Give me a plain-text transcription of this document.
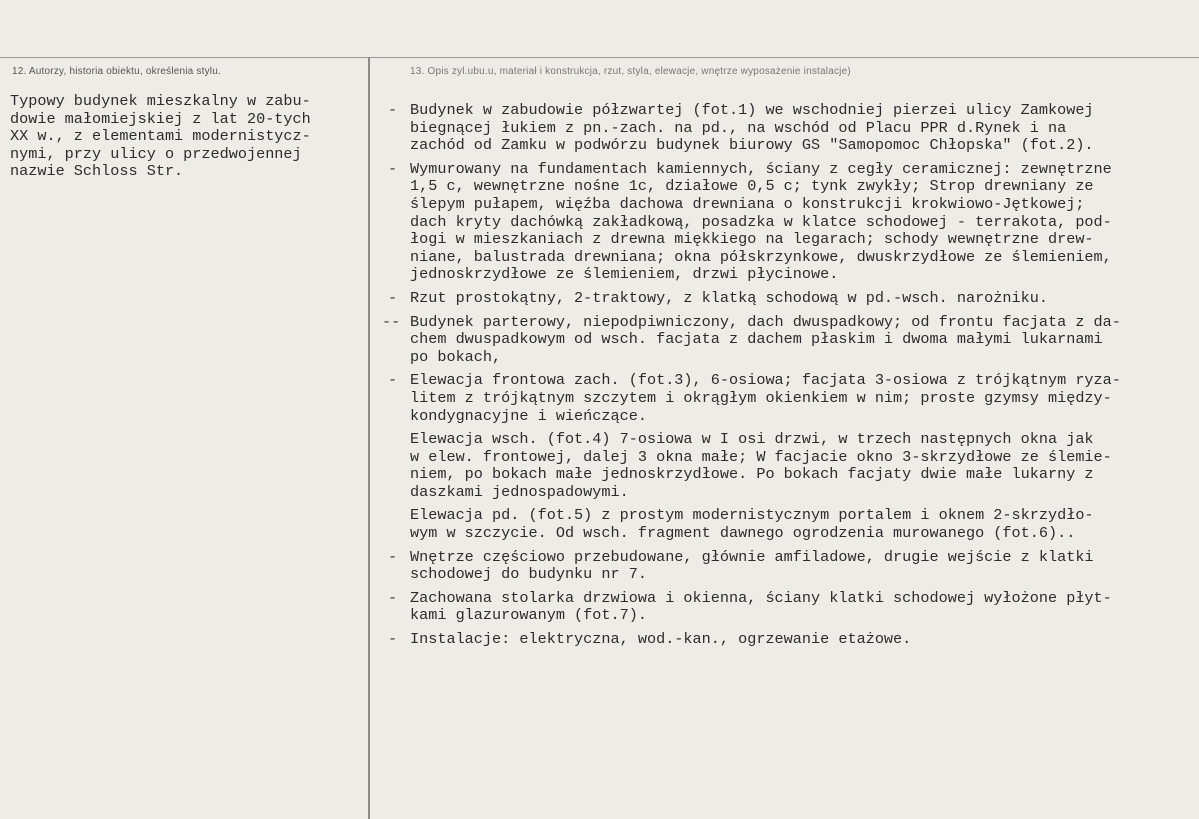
12. Autorzy, historia obiektu, określenia stylu.	13. Opis zyl.ubu.u, materiał i konstrukcja, rzut, styla, elewacje, wnętrze wyposażenie instalacje)
Typowy budynek mieszkalny w zabu-
dowie małomiejskiej z lat 20-tych
XX w., z elementami modernistycz-
nymi, przy ulicy o przedwojennej
nazwie Schloss Str.
- Budynek w zabudowie półzwartej (fot.1) we wschodniej pierzei ulicy Zamkowej
biegnącej łukiem z pn.-zach. na pd., na wschód od Placu PPR d.Rynek i na
zachód od Zamku w podwórzu budynek biurowy GS "Samopomoc Chłopska" (fot.2).
- Wymurowany na fundamentach kamiennych, ściany z cegły ceramicznej: zewnętrzne
1,5 c, wewnętrzne nośne 1c, działowe 0,5 c; tynk zwykły; Strop drewniany ze
ślepym pułapem, więźba dachowa drewniana o konstrukcji krokwiowo-Jętkowej;
dach kryty dachówką zakładkową, posadzka w klatce schodowej - terrakota, pod-
łogi w mieszkaniach z drewna miękkiego na legarach; schody wewnętrzne drew-
niane, balustrada drewniana; okna półskrzynkowe, dwuskrzydłowe ze ślemieniem,
jednoskrzydłowe ze ślemieniem, drzwi płycinowe.
- Rzut prostokątny, 2-traktowy, z klatką schodową w pd.-wsch. narożniku.
-- Budynek parterowy, niepodpiwniczony, dach dwuspadkowy; od frontu facjata z da-
chem dwuspadkowym od wsch. facjata z dachem płaskim i dwoma małymi lukarnami
po bokach,
- Elewacja frontowa zach. (fot.3), 6-osiowa; facjata 3-osiowa z trójkątnym ryza-
litem z trójkątnym szczytem i okrągłym okienkiem w nim; proste gzymsy między-
kondygnacyjne i wieńczące.
Elewacja wsch. (fot.4) 7-osiowa w I osi drzwi, w trzech następnych okna jak
w elew. frontowej, dalej 3 okna małe; W facjacie okno 3-skrzydłowe ze ślemie-
niem, po bokach małe jednoskrzydłowe. Po bokach facjaty dwie małe lukarny z
daszkami jednospadowymi.
Elewacja pd. (fot.5) z prostym modernistycznym portalem i oknem 2-skrzydło-
wym w szczycie. Od wsch. fragment dawnego ogrodzenia murowanego (fot.6)..
- Wnętrze częściowo przebudowane, głównie amfiladowe, drugie wejście z klatki
schodowej do budynku nr 7.
- Zachowana stolarka drzwiowa i okienna, ściany klatki schodowej wyłożone płyt-
kami glazurowanym (fot.7).
- Instalacje: elektryczna, wod.-kan., ogrzewanie etażowe.
